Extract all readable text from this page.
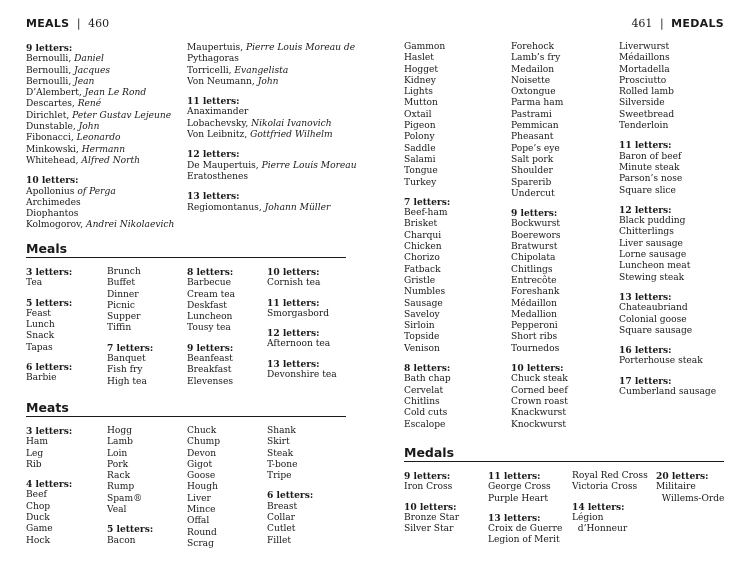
MEALS | 460	461 | MEDALS
9 letters:
Bernoulli, Daniel
Bernoulli, Jacques
Bernoulli, Jean
D’Alembert, Jean Le Rond
Descartes, René
Dirichlet, Peter Gustav Lejeune
Dunstable, John
Fibonacci, Leonardo
Minkowski, Hermann
Whitehead, Alfred North
10 letters:
Apollonius of Perga
Archimedes
Diophantos
Kolmogorov, Andrei Nikolaevich
Maupertuis, Pierre Louis Moreau de
Pythagoras
Torricelli, Evangelista
Von Neumann, John
11 letters:
Anaximander
Lobachevsky, Nikolai Ivanovich
Von Leibnitz, Gottfried Wilhelm
12 letters:
De Maupertuis, Pierre Louis Moreau
Eratosthenes
13 letters:
Regiomontanus, Johann Müller
Meals
3 letters:
Tea
5 letters:
Feast
Lunch
Snack
Tapas
6 letters:
Barbie
Brunch
Buffet
Dinner
Picnic
Supper
Tiffin
7 letters:
Banquet
Fish fry
High tea
8 letters:
Barbecue
Cream tea
Deskfast
Luncheon
Tousy tea
9 letters:
Beanfeast
Breakfast
Elevenses
10 letters:
Cornish tea
11 letters:
Smorgasbord
12 letters:
Afternoon tea
13 letters:
Devonshire tea
Meats
3 letters:
Ham
Leg
Rib
4 letters:
Beef
Chop
Duck
Game
Hock
Hogg
Lamb
Loin
Pork
Rack
Rump
Spam®
Veal
5 letters:
Bacon
Chuck
Chump
Devon
Gigot
Goose
Hough
Liver
Mince
Offal
Round
Scrag
Shank
Skirt
Steak
T-bone
Tripe
6 letters:
Breast
Collar
Cutlet
Fillet
Gammon
Haslet
Hogget
Kidney
Lights
Mutton
Oxtail
Pigeon
Polony
Saddle
Salami
Tongue
Turkey
7 letters:
Beef-ham
Brisket
Charqui
Chicken
Chorizo
Fatback
Gristle
Numbles
Sausage
Saveloy
Sirloin
Topside
Venison
8 letters:
Bath chap
Cervelat
Chitlins
Cold cuts
Escalope
Forehock
Lamb’s fry
Medailon
Noisette
Oxtongue
Parma ham
Pastrami
Pemmican
Pheasant
Pope’s eye
Salt pork
Shoulder
Sparerib
Undercut
9 letters:
Bockwurst
Boerewors
Bratwurst
Chipolata
Chitlings
Entrecôte
Foreshank
Médaillon
Medallion
Pepperoni
Short ribs
Tournedos
10 letters:
Chuck steak
Corned beef
Crown roast
Knackwurst
Knockwurst
Liverwurst
Médaillons
Mortadella
Prosciutto
Rolled lamb
Silverside
Sweetbread
Tenderloin
11 letters:
Baron of beef
Minute steak
Parson’s nose
Square slice
12 letters:
Black pudding
Chitterlings
Liver sausage
Lorne sausage
Luncheon meat
Stewing steak
13 letters:
Chateaubriand
Colonial goose
Square sausage
16 letters:
Porterhouse steak
17 letters:
Cumberland sausage
Medals
9 letters:
Iron Cross
10 letters:
Bronze Star
Silver Star
11 letters:
George Cross
Purple Heart
13 letters:
Croix de Guerre
Legion of Merit
Royal Red Cross
Victoria Cross
14 letters:
Légion
d’Honneur
20 letters:
Militaire
Willems-Orde
